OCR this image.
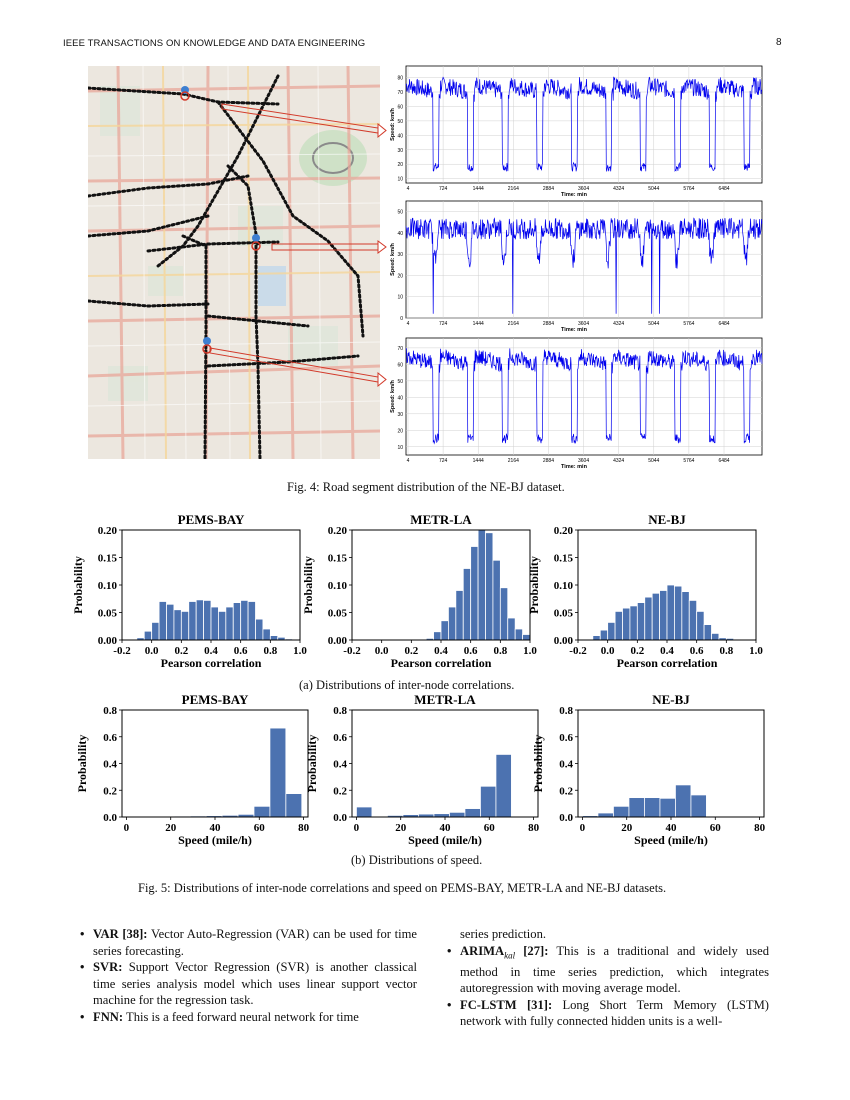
IEEE TRANSACTIONS ON KNOWLEDGE AND DATA ENGINEERING	8
10
20
30
40
50
60
70
80
4	724	1444	2164	2884	3604	4324	5044	5764	6484
Time: min
Speed: km/h
0
10
20
30
40
50
4	724	1444	2164	2884	3604	4324	5044	5764	6484
Time: min
Speed: km/h
10
20
30
40
50
60
70
4	724	1444	2164	2884	3604	4324	5044	5764	6484
Time: min
Speed: km/h
Fig. 4: Road segment distribution of the NE-BJ dataset.
PEMS-BAY
0.00
0.05
0.10
0.15
0.20
-0.2 0.0 0.2 0.4 0.6 0.8 1.0
Pearson correlation
Probability
METR-LA
0.00
0.05
0.10
0.15
0.20
-0.2 0.0 0.2 0.4 0.6 0.8 1.0
Pearson correlation
Probability
NE-BJ
0.00
0.05
0.10
0.15
0.20
-0.2 0.0 0.2 0.4 0.6 0.8 1.0
Pearson correlation
Probability
PEMS-BAY
0.0
0.2
0.4
0.6
0.8
0	20	40	60	80
Speed (mile/h)
Probability
METR-LA
0.0
0.2
0.4
0.6
0.8
0	20	40	60	80
Speed (mile/h)
Probability
NE-BJ
0.0
0.2
0.4
0.6
0.8
0	20	40	60	80
Speed (mile/h)
Probability
(a) Distributions of inter-node correlations.
(b) Distributions of speed.
Fig. 5: Distributions of inter-node correlations and speed on PEMS-BAY, METR-LA and NE-BJ datasets.
• VAR [38]: Vector Auto-Regression (VAR) can be used for time series forecasting.
• SVR: Support Vector Regression (SVR) is another classical time series analysis model which uses linear support vector machine for the regression task.
• FNN: This is a feed forward neural network for time
series prediction.
• $ARIMA_{kal}$ [27]: This is a traditional and widely used method in time series prediction, which integrates autoregression with moving average model.
• FC-LSTM [31]: Long Short Term Memory (LSTM) network with fully connected hidden units is a well-
